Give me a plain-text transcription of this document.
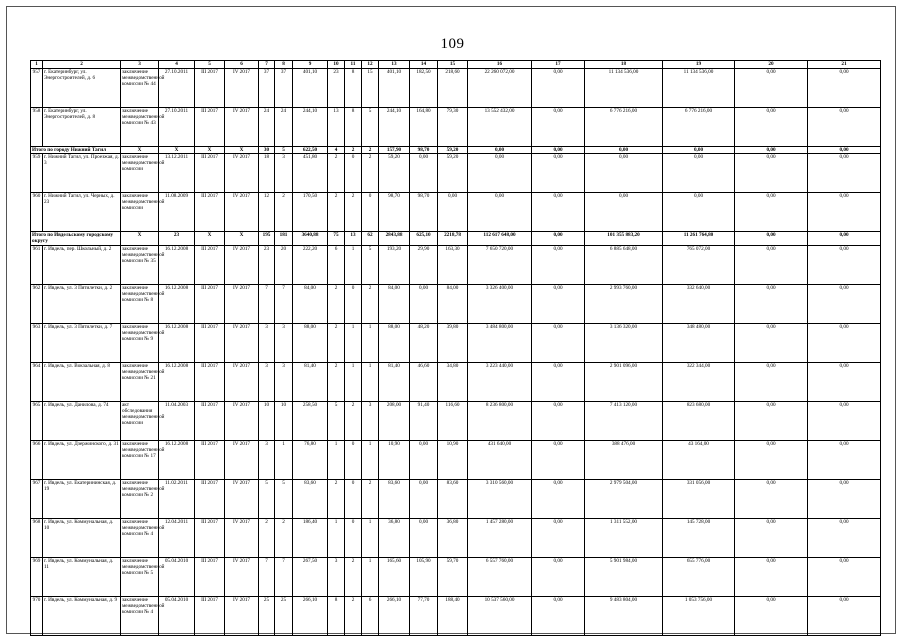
109
1	2	3	4	5	6	7	8	9	10	11	12	13	14	15	16	17	18	19	20	21
957	г. Екатеринбург, ул. Энергостроителей, д. 6	заключение межведомственной комиссии № 44	27.10.2011	III 2017	IV 2017	37	37	401,10	23	8	15	401,10	182,50	218,60	22 260 072,00	0,00	11 134 536,00	11 134 536,00	0,00	0,00
958	г. Екатеринбург, ул. Энергостроителей, д. 8	заключение межведомственной комиссии № 43	27.10.2011	III 2017	IV 2017	24	24	244,10	13	8	5	244,10	164,80	79,30	13 552 432,00	0,00	6 776 216,00	6 776 216,00	0,00	0,00
Итого по городу Нижний Тагил		X	X	X	X	30	5	622,50	4	2	2	157,90	98,70	59,20	0,00	0,00	0,00	0,00	0,00	0,00
959	г. Нижний Тагил, ул. Проезжая, д. 3	заключение межведомственной комиссии	13.12.2011	III 2017	IV 2017	18	3	451,80	2	0	2	59,20	0,00	59,20	0,00	0,00	0,00	0,00	0,00	0,00
960	г. Нижний Тагил, ул. Черных, д. 23	заключение межведомственной комиссии	11.08.2009	III 2017	IV 2017	12	2	170,50	2	2	0	98,70	98,70	0,00	0,00	0,00	0,00	0,00	0,00	0,00
Итого по Ивдельскому городскому округу		X	23	X	X	195	181	3640,88	75	13	62	2843,88	625,10	2218,78	112 617 648,00	0,00	101 355 883,20	11 261 764,80	0,00	0,00
961	г. Ивдель, пер. Школьный, д. 2	заключение межведомственной комиссии № 35	16.12.2008	III 2017	IV 2017	23	20	222,20	6	1	5	193,20	29,90	163,30	7 650 720,00	0,00	6 885 648,00	765 072,00	0,00	0,00
962	г. Ивдель, ул. 3 Пятилетки, д. 2	заключение межведомственной комиссии № 8	16.12.2008	III 2017	IV 2017	7	7	84,00	2	0	2	84,00	0,00	84,00	3 326 400,00	0,00	2 993 760,00	332 640,00	0,00	0,00
963	г. Ивдель, ул. 3 Пятилетки, д. 7	заключение межведомственной комиссии № 9	16.12.2008	III 2017	IV 2017	3	3	88,00	2	1	1	88,00	48,20	39,80	3 484 800,00	0,00	3 136 320,00	348 480,00	0,00	0,00
964	г. Ивдель, ул. Вокзальная, д. 8	заключение межведомственной комиссии № 21	16.12.2008	III 2017	IV 2017	3	3	81,40	2	1	1	81,40	46,60	34,80	3 223 440,00	0,00	2 901 096,00	322 344,00	0,00	0,00
965	г. Ивдель, ул. Данилова, д. 74	акт обследования межведомственной комиссии	11.04.2003	III 2017	IV 2017	10	10	258,50	5	2	3	208,00	91,40	116,60	8 236 800,00	0,00	7 413 120,00	823 680,00	0,00	0,00
966	г. Ивдель, ул. Дзержинского, д. 31	заключение межведомственной комиссии № 17	16.12.2008	III 2017	IV 2017	3	1	76,80	1	0	1	10,90	0,00	10,90	431 640,00	0,00	388 476,00	43 164,00	0,00	0,00
967	г. Ивдель, ул. Екатерининская, д. 19	заключение межведомственной комиссии № 2	11.02.2011	III 2017	IV 2017	5	5	83,60	2	0	2	83,60	0,00	83,60	3 310 560,00	0,00	2 979 504,00	331 056,00	0,00	0,00
968	г. Ивдель, ул. Коммунальная, д. 10	заключение межведомственной комиссии № 4	12.04.2011	III 2017	IV 2017	2	2	186,40	1	0	1	36,80	0,00	36,80	1 457 280,00	0,00	1 311 552,00	145 728,00	0,00	0,00
969	г. Ивдель, ул. Коммунальная, д. 11	заключение межведомственной комиссии № 5	05.04.2010	III 2017	IV 2017	7	7	267,50	3	2	1	165,60	105,90	59,70	6 557 760,00	0,00	5 901 984,00	655 776,00	0,00	0,00
970	г. Ивдель, ул. Коммунальная, д. 9	заключение межведомственной комиссии № 4	05.04.2010	III 2017	IV 2017	25	25	266,10	8	2	6	266,10	77,70	188,40	10 537 560,00	0,00	9 483 804,00	1 053 756,00	0,00	0,00
